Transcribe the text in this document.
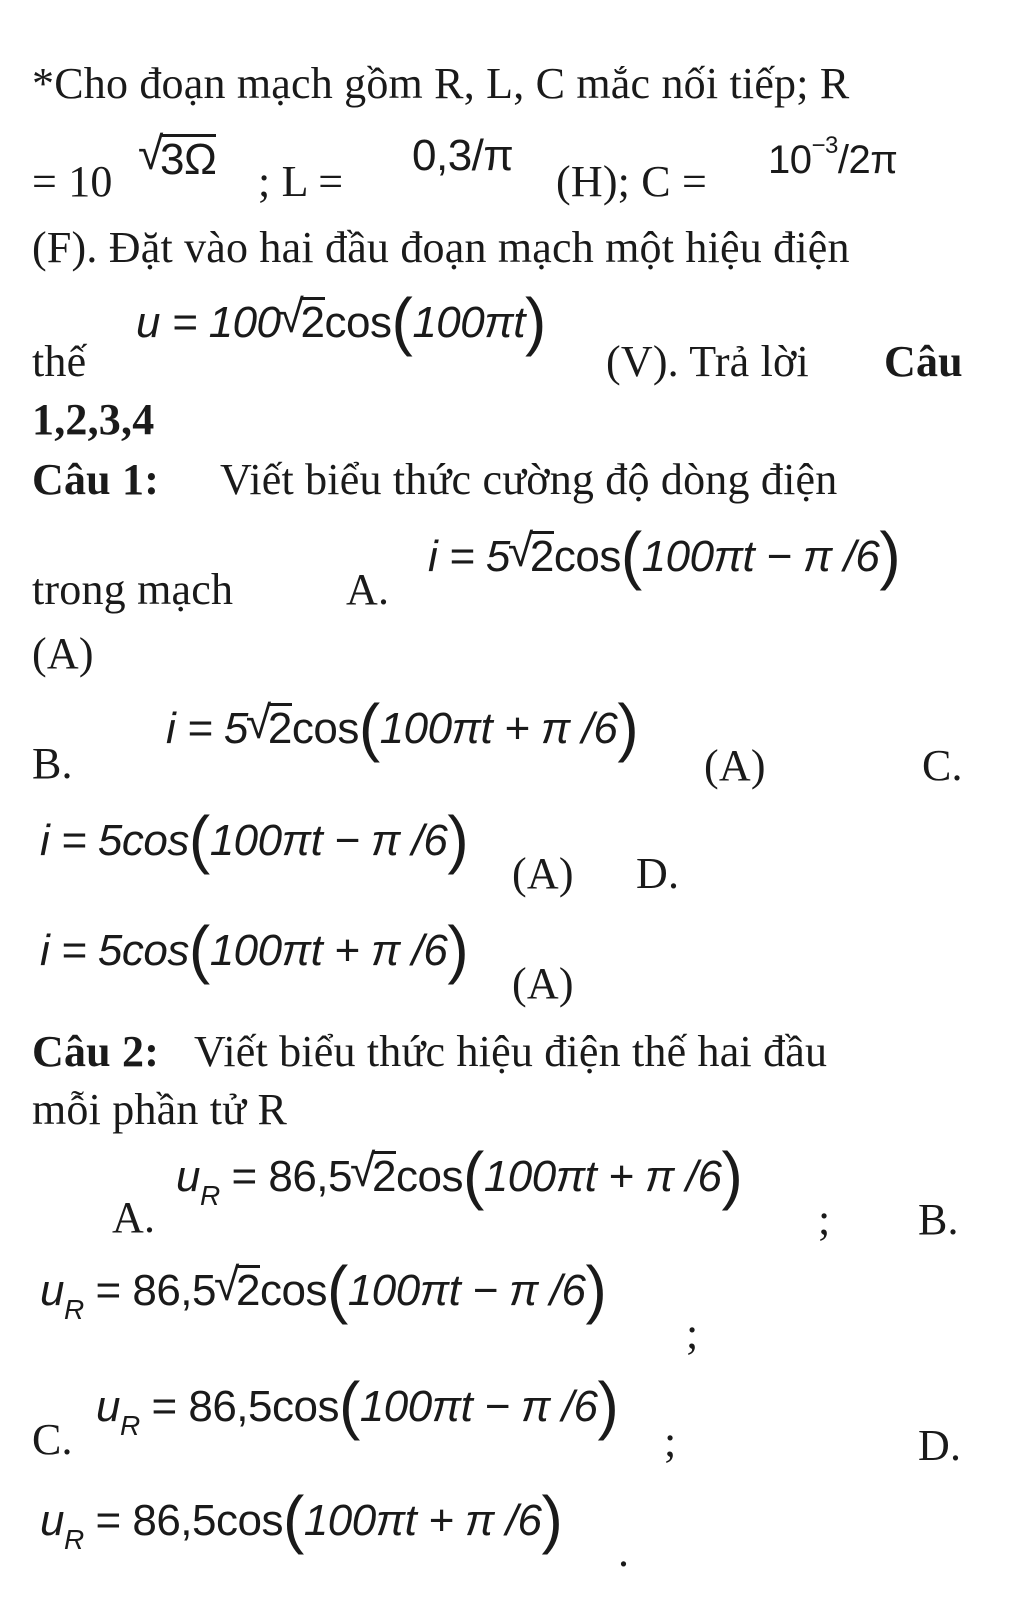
*Cho đoạn mạch gồm R, L, C mắc nối tiếp; R
= 10
√	3Ω ; L =
0,3/π
(H); $C = 10^{-3}/2\pi$
(F). Đặt vào hai đầu đoạn mạch một hiệu điện
thế
u = 100√ 2cos(100πt)
(V). Trả lời Câu
1,2,3,4
Câu 1: Viết biểu thức cường độ dòng điện
trong mạch	A.
i = 5√ 2cos(100πt − π /6)
(A)
B.
i = 5√ 2cos(100πt + π /6)
(A)	C.
i = 5cos(100πt − π /6) (A) D.
i = 5cos(100πt + π /6) (A)
Câu 2: Viết biểu thức hiệu điện thế hai đầu
mỗi phần tử R
A.
$u_R = 86,5√$ 2cos(100πt + π /6)
; B.
$u_R = 86,5√$ 2cos(100πt − π /6)
;
C.
$u_R = 86,5\cos(100\pi t - \pi$ /6)
;	D.
$u_R = 86,5\cos(100\pi t + \pi$ /6) .
